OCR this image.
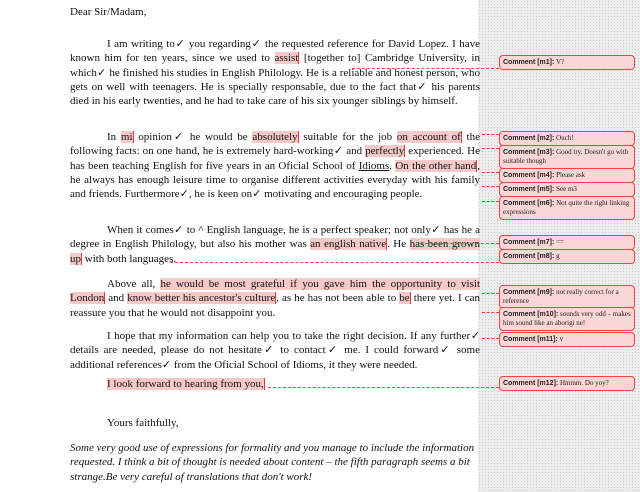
Dear Sir/Madam,
I am writing to✓ you regarding✓ the requested reference for David Lopez. I have known him for ten years, since we used to assist [together to] Cambridge University, in which✓ he finished his studies in English Philology. He is a reliable and honest person, who gets on well with teenagers. He is specially responsable, due to the fact that✓ his parents died in his early twenties, and he had to take care of his six younger siblings by himself.
In mi opinion✓ he would be absolutely suitable for the job on account of the following facts: on one hand, he is extremely hard-working✓ and perfectly experienced. He has been teaching English for five years in an Oficial School of Idioms. On the other hand, he always has enough leisure time to organise different activities everyday with his family and friends. Furthermore✓, he is keen on✓ motivating and encouraging people.
When it comes✓ to ^ English language, he is a perfect speaker; not only✓ has he a degree in English Philology, but also his mother was an english native. He has been grown up with both languages.
Above all, he would be most grateful if you gave him the opportunity to visit London and know better his ancestor's culture, as he has not been able to be there yet. I can reassure you that he would not disappoint you.
I hope that my information can help you to take the right decision. If any further✓ details are needed, please do not hesitate✓ to contact✓ me. I could forward✓ some additional references✓ from the Oficial School of Idioms, it they were needed.
I look forward to hearing from you,
Yours faithfully,
Some very good use of expressions for formality and you manage to include the information requested. I think a bit of thought is needed about content – the fifth paragraph seems a bit strange.Be very careful of translations that don't work!
Comment [m1]: V?
Comment [m2]: Ouch!
Comment [m3]: Good try. Doesn't go with suitable though
Comment [m4]: Please ask
Comment [m5]: See m3
Comment [m6]: Not quite the right linking expressions
Comment [m7]: ==
Comment [m8]: g
Comment [m9]: not really correct for a reference
Comment [m10]: sounds very odd – makes him sound like an aborigi ne!
Comment [m11]: v
Comment [m12]: Hmmm. Do yoy?
